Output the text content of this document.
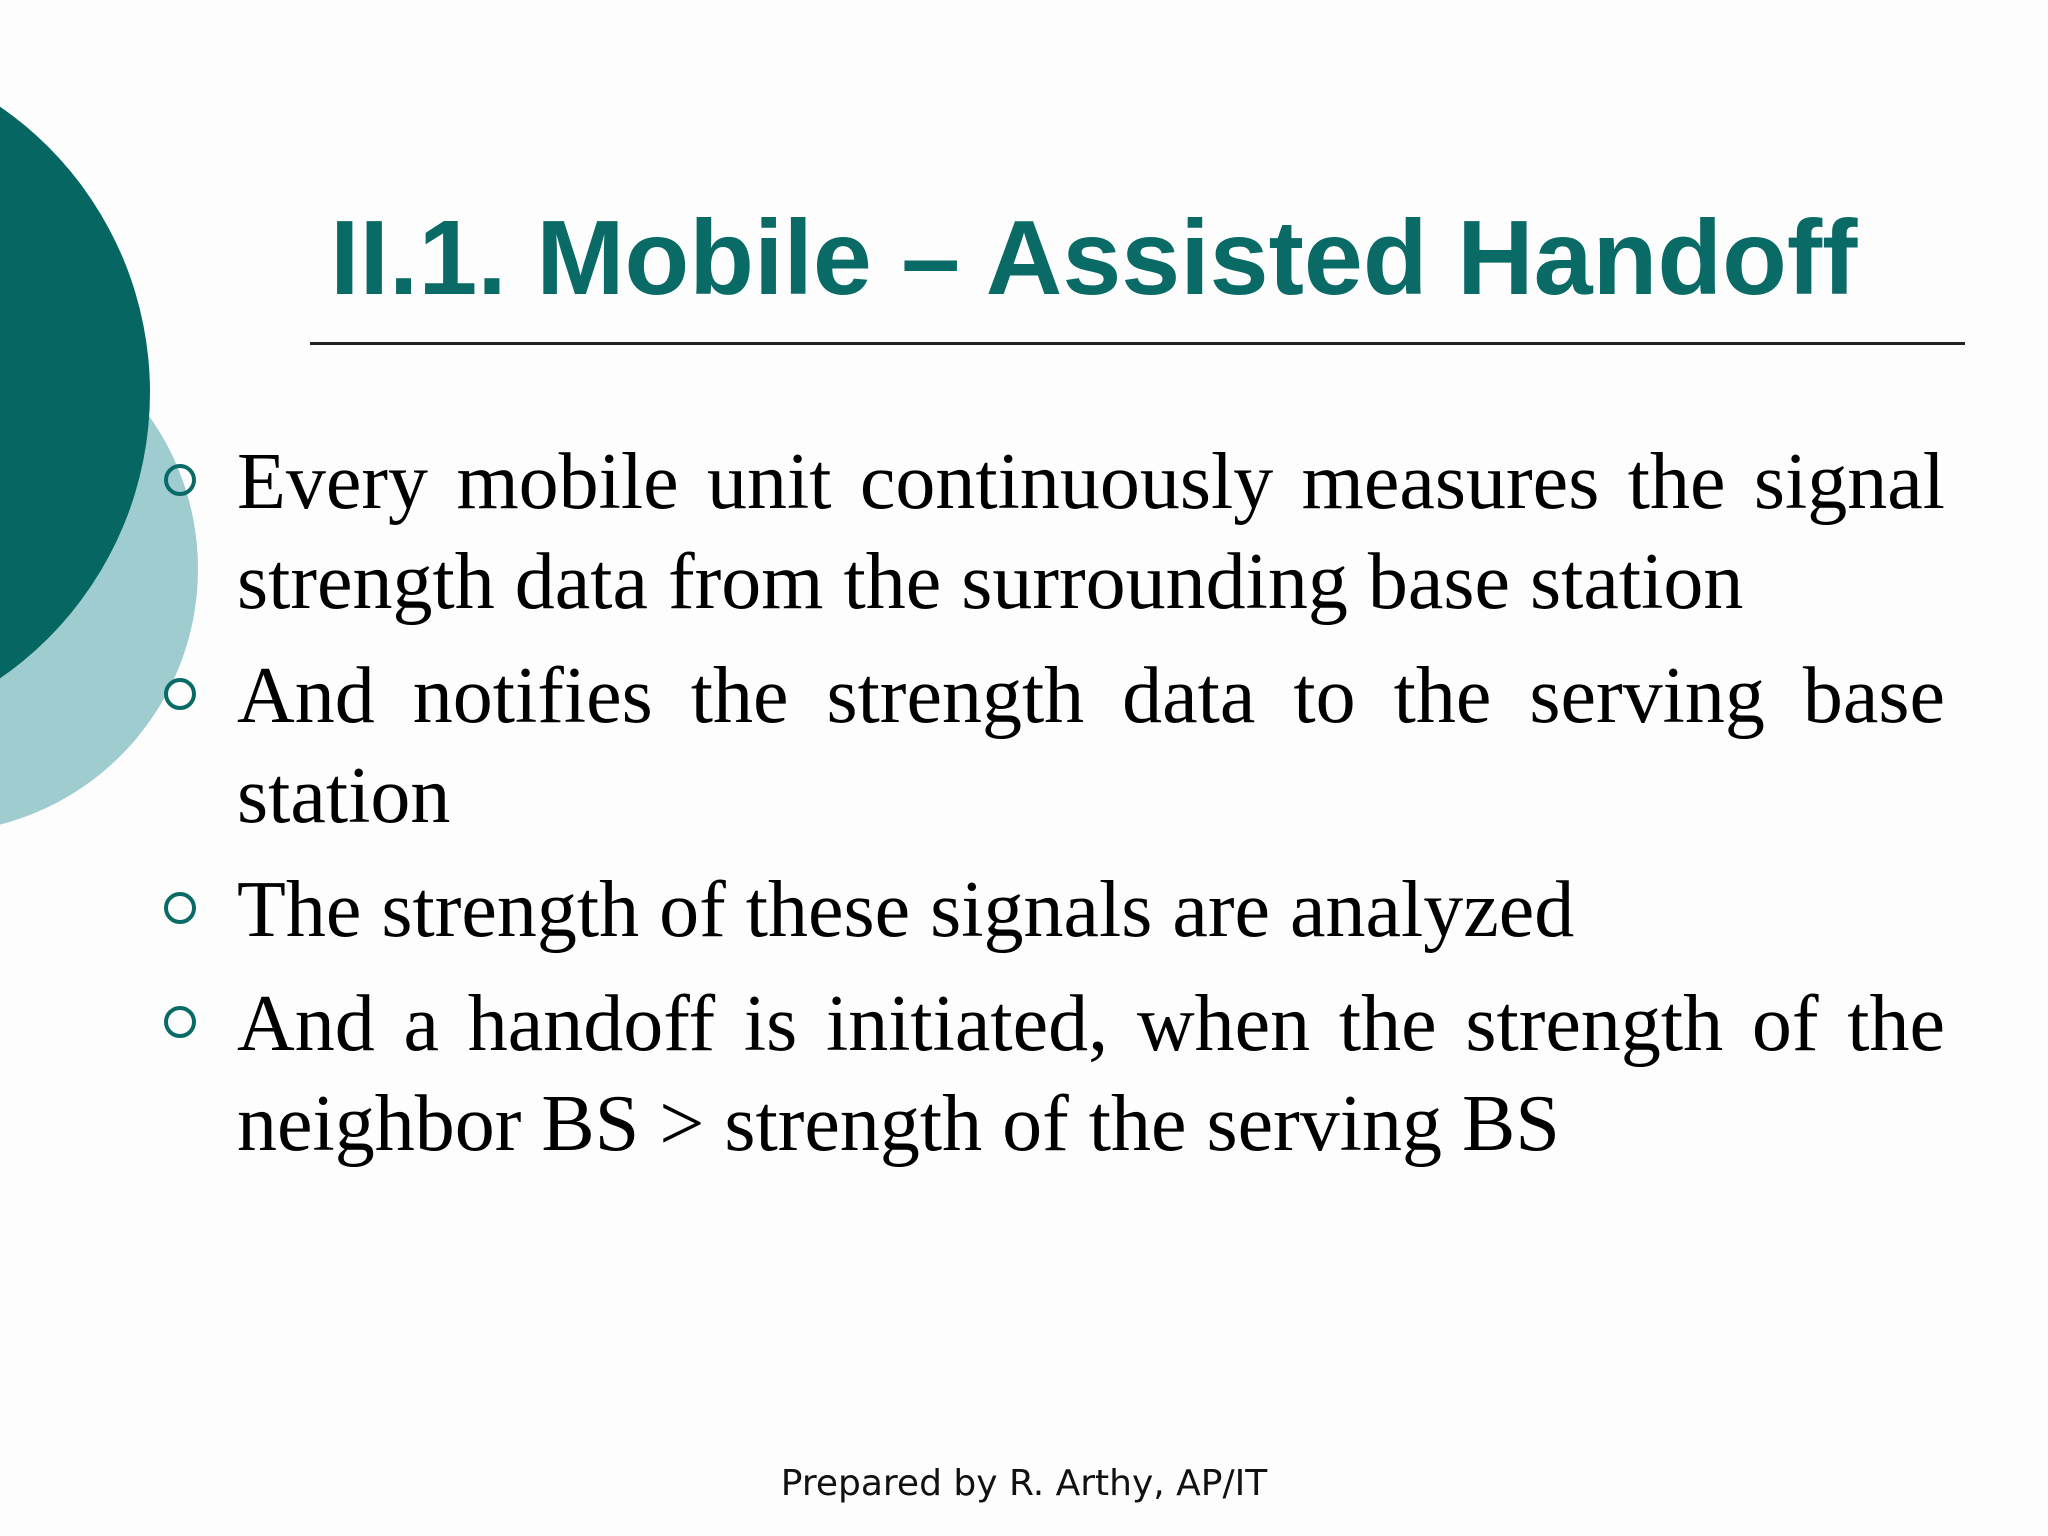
II.1. Mobile – Assisted Handoff
Every mobile unit continuously measures the signal strength data from the surrounding base station
And notifies the strength data to the serving base station
The strength of these signals are analyzed
And a handoff is initiated, when the strength of the neighbor BS > strength of the serving BS
Prepared by R. Arthy, AP/IT
